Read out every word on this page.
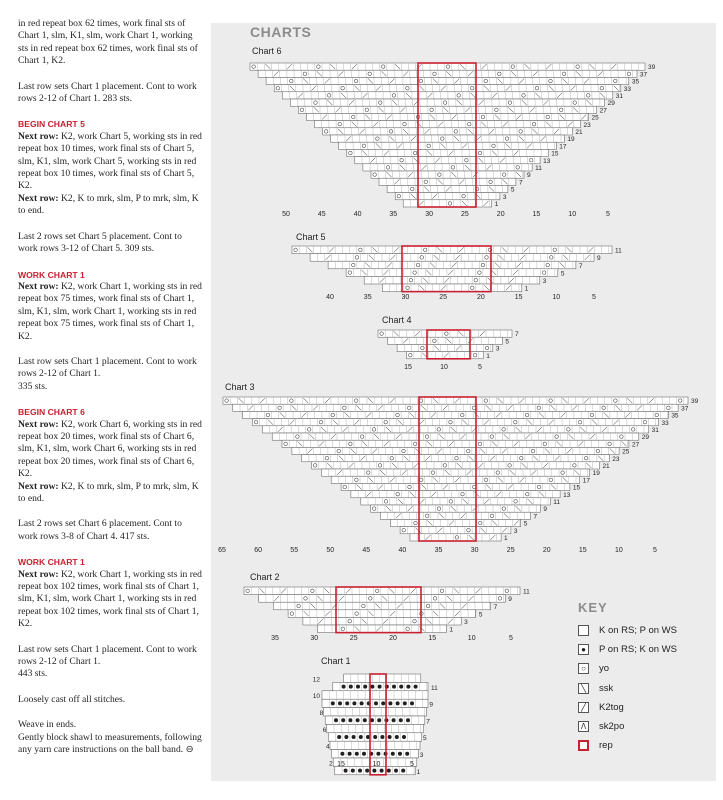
in red repeat box 62 times, work final sts of Chart 1, slm, K1, slm, work Chart 1, working sts in red repeat box 62 times, work final sts of Chart 1, K2.

Last row sets Chart 1 placement. Cont to work rows 2-12 of Chart 1. 283 sts.

BEGIN CHART 5

Next row: K2, work Chart 5, working sts in red repeat box 10 times, work final sts of Chart 5, slm, K1, slm, work Chart 5, working sts in red repeat box 10 times, work final sts of Chart 5, K2.
Next row: K2, K to mrk, slm, P to mrk, slm, K to end.

Last 2 rows set Chart 5 placement. Cont to work rows 3-12 of Chart 5. 309 sts.

WORK CHART 1

Next row: K2, work Chart 1, working sts in red repeat box 75 times, work final sts of Chart 1, slm, K1, slm, work Chart 1, working sts in red repeat box 75 times, work final sts of Chart 1, K2.

Last row sets Chart 1 placement. Cont to work rows 2-12 of Chart 1.
335 sts.

BEGIN CHART 6

Next row: K2, work Chart 6, working sts in red repeat box 20 times, work final sts of Chart 6, slm, K1, slm, work Chart 6, working sts in red repeat box 20 times, work final sts of Chart 6, K2.
Next row: K2, K to mrk, slm, P to mrk, slm, K to end.

Last 2 rows set Chart 6 placement. Cont to work rows 3-8 of Chart 4. 417 sts.

WORK CHART 1

Next row: K2, work Chart 1, working sts in red repeat box 102 times, work final sts of Chart 1, slm, K1, slm, work Chart 1, working sts in red repeat box 102 times, work final sts of Chart 1, K2.

Last row sets Chart 1 placement. Cont to work rows 2-12 of Chart 1.
443 sts.

Loosely cast off all stitches.

Weave in ends.
Gently block shawl to measurements, following any yarn care instructions on the ball band. ⊖

CHARTS
Chart 6
39
37
35
33
31
29
27
25
23
21
19
17
15
13
11
9
7
5
3
1
50	45	40	35	30	25	20	15	10	5
Chart 5
11
9
7
5
3
1
40	35	30	25	20	15	10	5
Chart 4
7
5
3
1
15	10	5
Chart 3
39
37
35
33
31
29
27
25
23
21
19
17
15
13
11
9
7
5
3
1
65	60	55	50	45	40	35	30	25	20	15	10	5
Chart 2
11
9
7
5
3
1
35	30	25	20	15	10	5
Chart 1
12
10
8
6
4
2
11
9
7
5
3
1
15	10	5
KEY
K on RS; P on WS
●	P on RS; K on WS
○	yo
╲	ssk
╱	K2tog
Λ sk2po
rep
